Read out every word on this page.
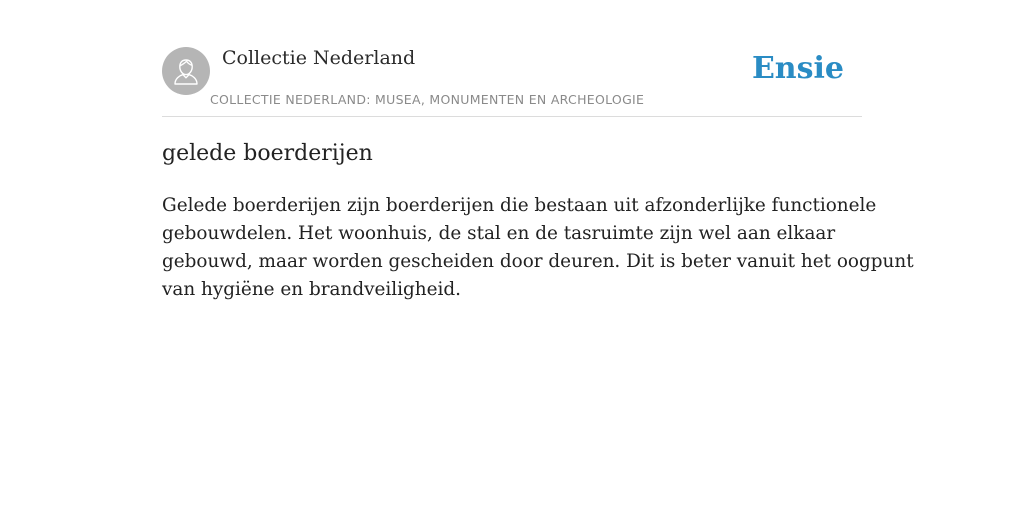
Collectie Nederland
COLLECTIE NEDERLAND: MUSEA, MONUMENTEN EN ARCHEOLOGIE
Ensie
gelede boerderijen
Gelede boerderijen zijn boerderijen die bestaan uit afzonderlijke functionele
gebouwdelen. Het woonhuis, de stal en de tasruimte zijn wel aan elkaar
gebouwd, maar worden gescheiden door deuren. Dit is beter vanuit het oogpunt
van hygiëne en brandveiligheid.
